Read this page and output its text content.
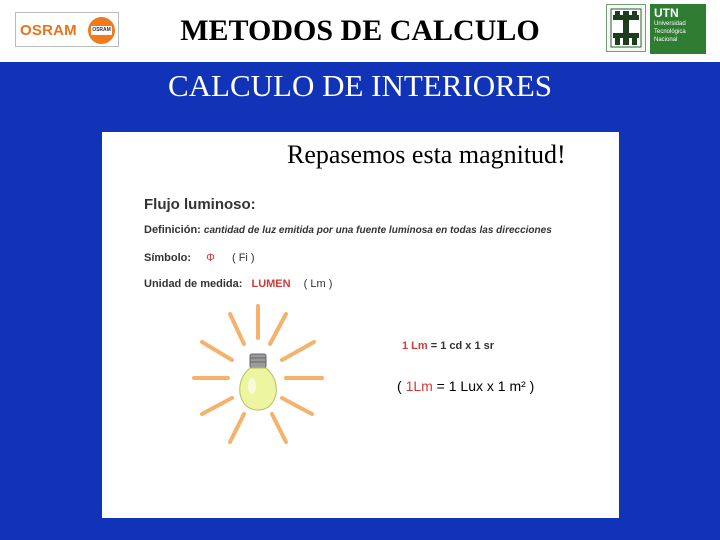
OSRAM	OSRAM	METODOS DE CALCULO
UTN
Universidad
Tecnológica
Nacional
CALCULO DE INTERIORES
Repasemos esta magnitud!
Flujo luminoso:
Definición: cantidad de luz emitida por una fuente luminosa en todas las direcciones
Símbolo: Φ ( Fi )
Unidad de medida: LUMEN ( Lm )
1 Lm = 1 cd x 1 sr
( 1Lm = 1 Lux x 1 m² )
